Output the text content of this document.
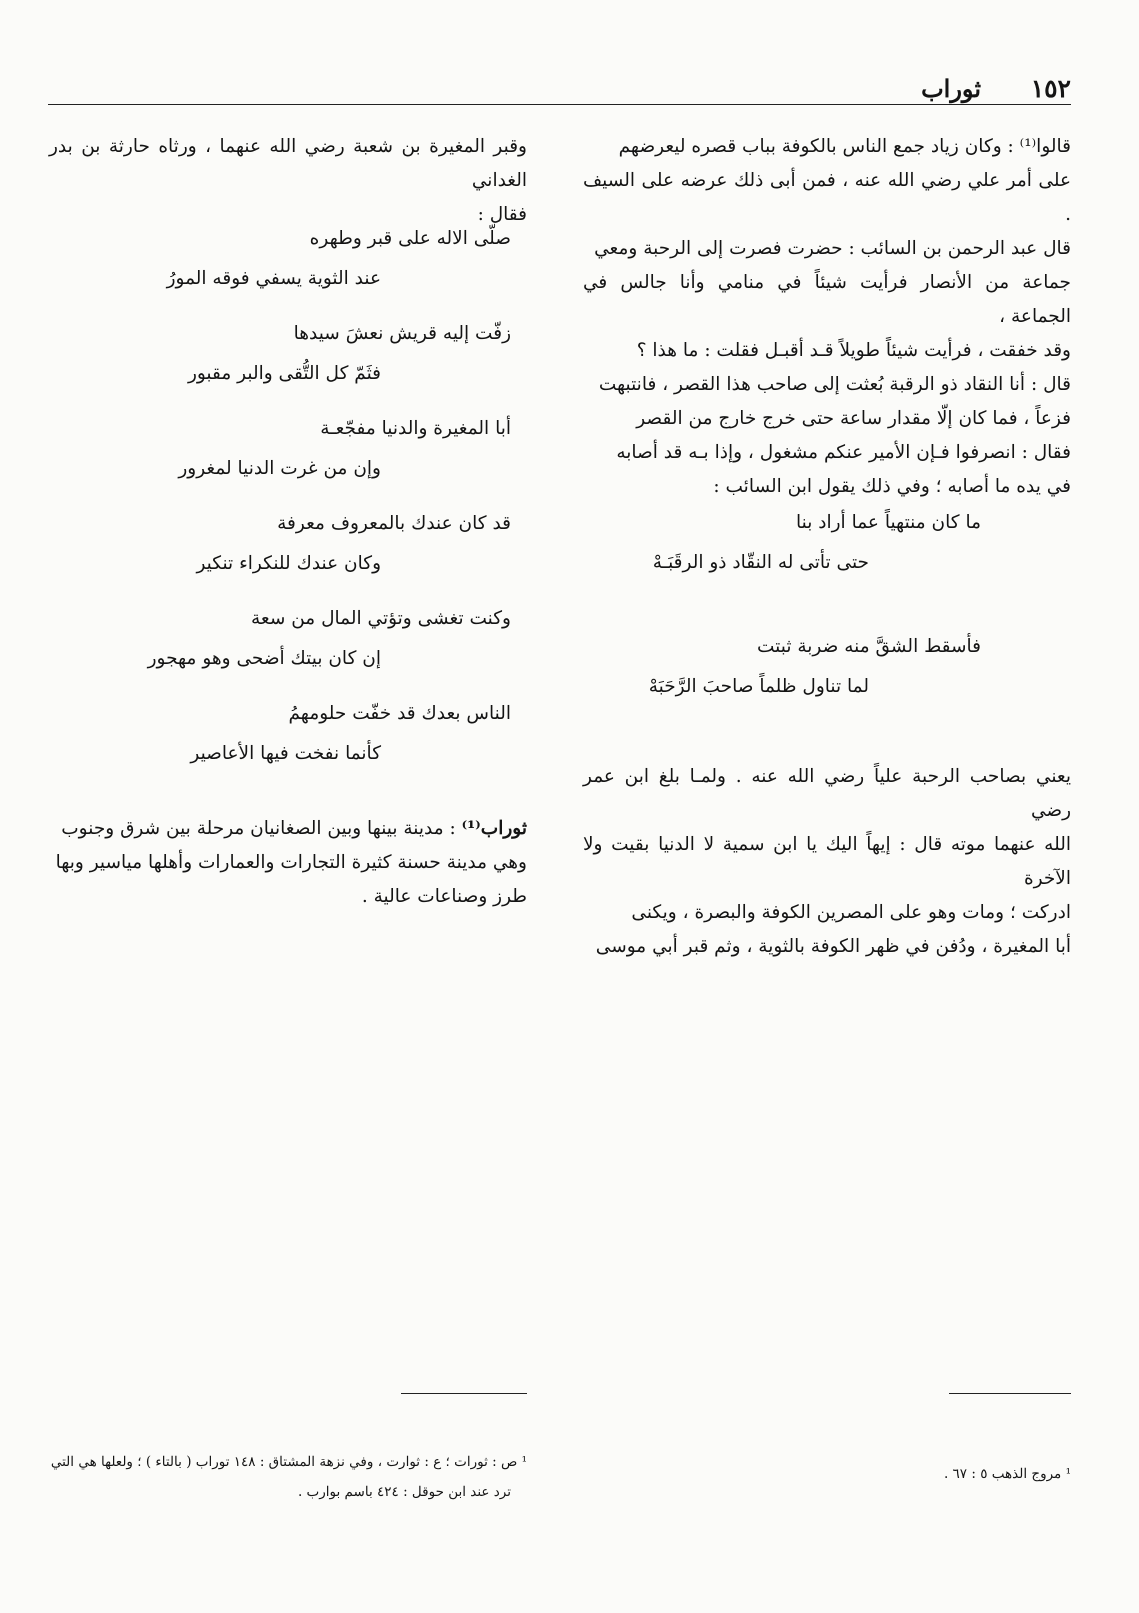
١٥٢
ثوراب
قالوا⁽¹⁾ : وكان زياد جمع الناس بالكوفة بباب قصره ليعرضهم
على أمر علي رضي الله عنه ، فمن أبى ذلك عرضه على السيف .
قال عبد الرحمن بن السائب : حضرت فصرت إلى الرحبة ومعي
جماعة من الأنصار فرأيت شيئاً في منامي وأنا جالس في الجماعة ،
وقد خفقت ، فرأيت شيئاً طويلاً قـد أقبـل فقلت : ما هذا ؟
قال : أنا النقاد ذو الرقبة بُعثت إلى صاحب هذا القصر ، فانتبهت
فزعاً ، فما كان إلّا مقدار ساعة حتى خرج خارج من القصر
فقال : انصرفوا فـإن الأمير عنكم مشغول ، وإذا بـه قد أصابه
في يده ما أصابه ؛ وفي ذلك يقول ابن السائب :
ما كان منتهياً عما أراد بنا
حتى تأتى له النقّاد ذو الرقَبَـهْ
فأسقط الشقَّ منه ضربة ثبتت
لما تناول ظلماً صاحبَ الرَّحَبَهْ
يعني بصاحب الرحبة علياً رضي الله عنه . ولمـا بلغ ابن عمر رضي
الله عنهما موته قال : إيهاً اليك يا ابن سمية لا الدنيا بقيت ولا الآخرة
ادركت ؛ ومات وهو على المصرين الكوفة والبصرة ، ويكنى
أبا المغيرة ، ودُفن في ظهر الكوفة بالثوية ، وثم قبر أبي موسى
وقبر المغيرة بن شعبة رضي الله عنهما ، ورثاه حارثة بن بدر الغداني
فقال :
صلّى الاله على قبر وطهره
عند الثوية يسفي فوقه المورُ
زفّت إليه قريش نعشَ سيدها
فثَمّ كل التُّقى والبر مقبور
أبا المغيرة والدنيا مفجّعـة
وإن من غرت الدنيا لمغرور
قد كان عندك بالمعروف معرفة
وكان عندك للنكراء تنكير
وكنت تغشى وتؤتي المال من سعة
إن كان بيتك أضحى وهو مهجور
الناس بعدك قد خفّت حلومهمُ
كأنما نفخت فيها الأعاصير
ثوراب⁽¹⁾ : مدينة بينها وبين الصغانيان مرحلة بين شرق وجنوب
وهي مدينة حسنة كثيرة التجارات والعمارات وأهلها مياسير وبها
طرز وصناعات عالية .
¹ مروج الذهب ٥ : ٦٧ .
¹ ص : ثورات ؛ ع : ثوارت ، وفي نزهة المشتاق : ١٤٨ توراب ( بالتاء ) ؛ ولعلها هي التي
ترد عند ابن حوقل : ٤٢٤ باسم بوارب .
